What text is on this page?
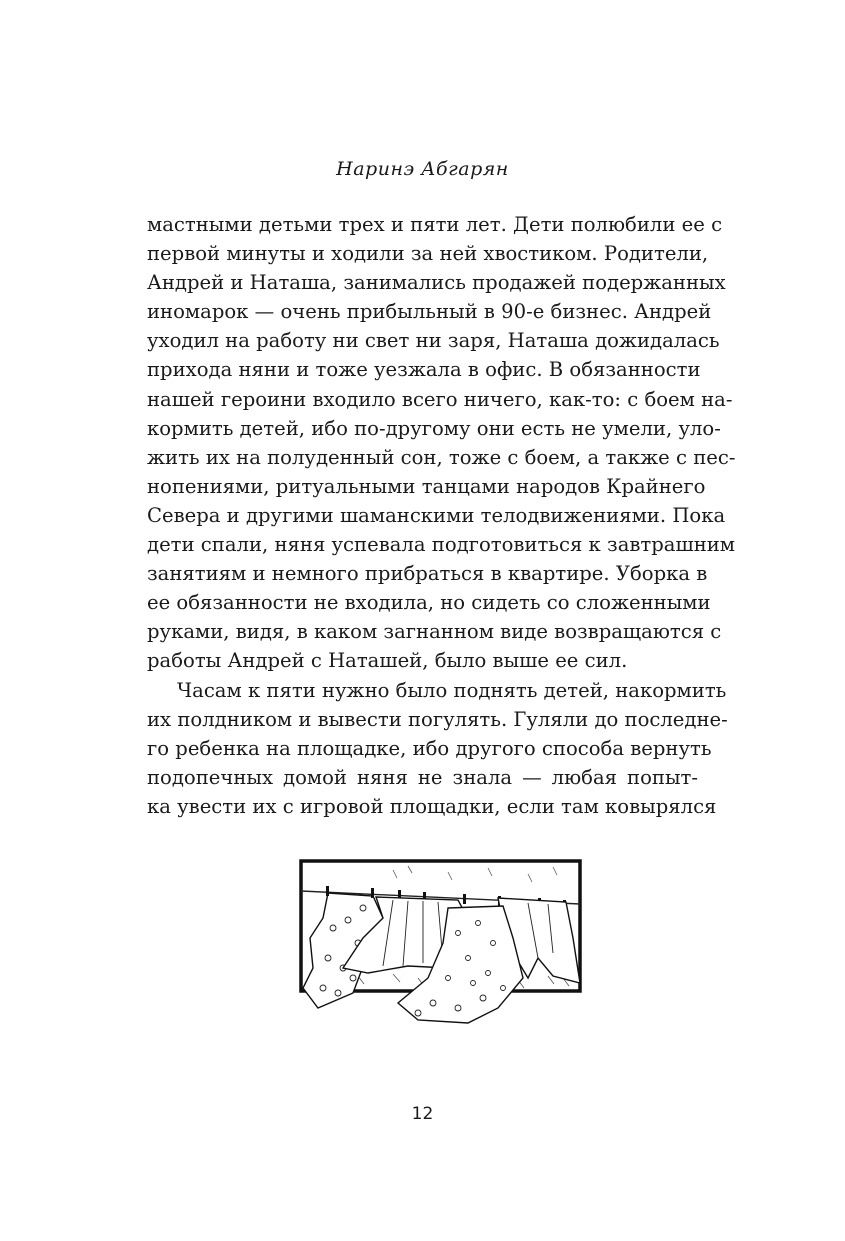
Наринэ Абгарян
мастными детьми трех и пяти лет. Дети полюбили ее с
первой минуты и ходили за ней хвостиком. Родители,
Андрей и Наташа, занимались продажей подержанных
иномарок — очень прибыльный в 90-е бизнес. Андрей
уходил на работу ни свет ни заря, Наташа дожидалась
прихода няни и тоже уезжала в офис. В обязанности
нашей героини входило всего ничего, как-то: с боем на-
кормить детей, ибо по-другому они есть не умели, уло-
жить их на полуденный сон, тоже с боем, а также с пес-
нопениями, ритуальными танцами народов Крайнего
Севера и другими шаманскими телодвижениями. Пока
дети спали, няня успевала подготовиться к завтрашним
занятиям и немного прибраться в квартире. Уборка в
ее обязанности не входила, но сидеть со сложенными
руками, видя, в каком загнанном виде возвращаются с
работы Андрей с Наташей, было выше ее сил.
Часам к пяти нужно было поднять детей, накормить
их полдником и вывести погулять. Гуляли до последне-
го ребенка на площадке, ибо другого способа вернуть
подопечных домой няня не знала — любая попыт-
ка увести их с игровой площадки, если там ковырялся
12
